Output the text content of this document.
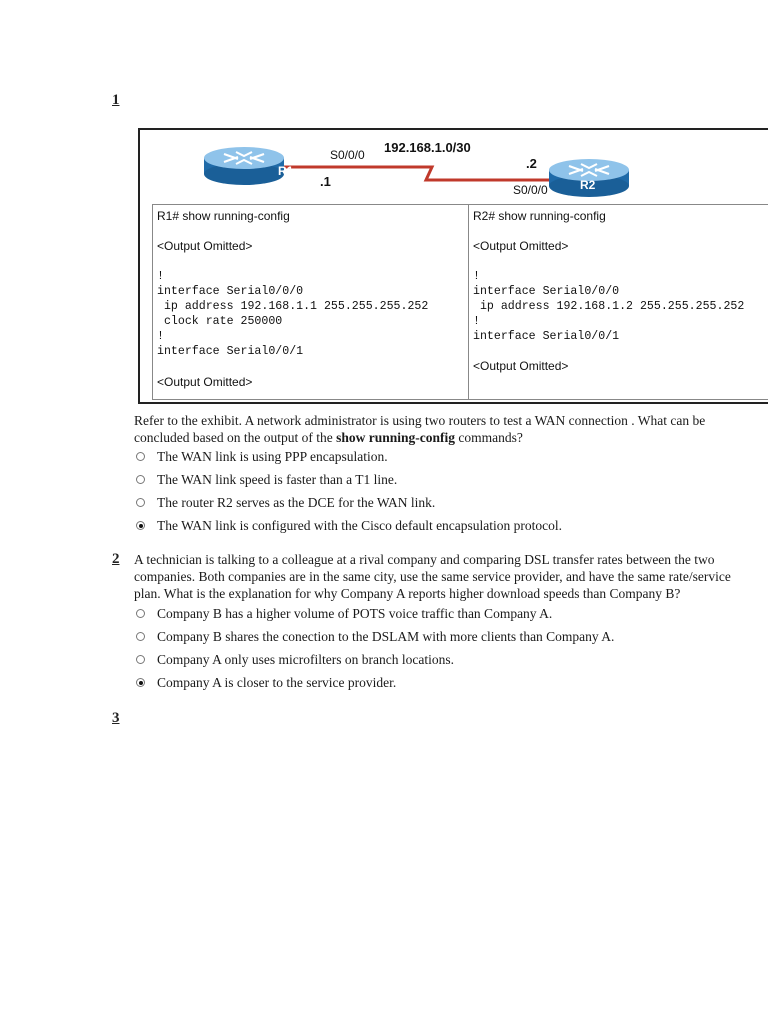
1
R1
S0/0/0
.1
192.168.1.0/30
.2
S0/0/0	R2
R1# show running-config
<Output Omitted>
!
interface Serial0/0/0
ip address 192.168.1.1 255.255.255.252
clock rate 250000
!
interface Serial0/0/1
<Output Omitted>
R2# show running-config
<Output Omitted>
!
interface Serial0/0/0
ip address 192.168.1.2 255.255.255.252
!
interface Serial0/0/1
<Output Omitted>
Refer to the exhibit. A network administrator is using two routers to test a WAN connection . What can be
concluded based on the output of the show running-config commands?
The WAN link is using PPP encapsulation.
The WAN link speed is faster than a T1 line.
The router R2 serves as the DCE for the WAN link.
The WAN link is configured with the Cisco default encapsulation protocol.
2 A technician is talking to a colleague at a rival company and comparing DSL transfer rates between the two
companies. Both companies are in the same city, use the same service provider, and have the same rate/service
plan. What is the explanation for why Company A reports higher download speeds than Company B?
Company B has a higher volume of POTS voice traffic than Company A.
Company B shares the conection to the DSLAM with more clients than Company A.
Company A only uses microfilters on branch locations.
Company A is closer to the service provider.
3
